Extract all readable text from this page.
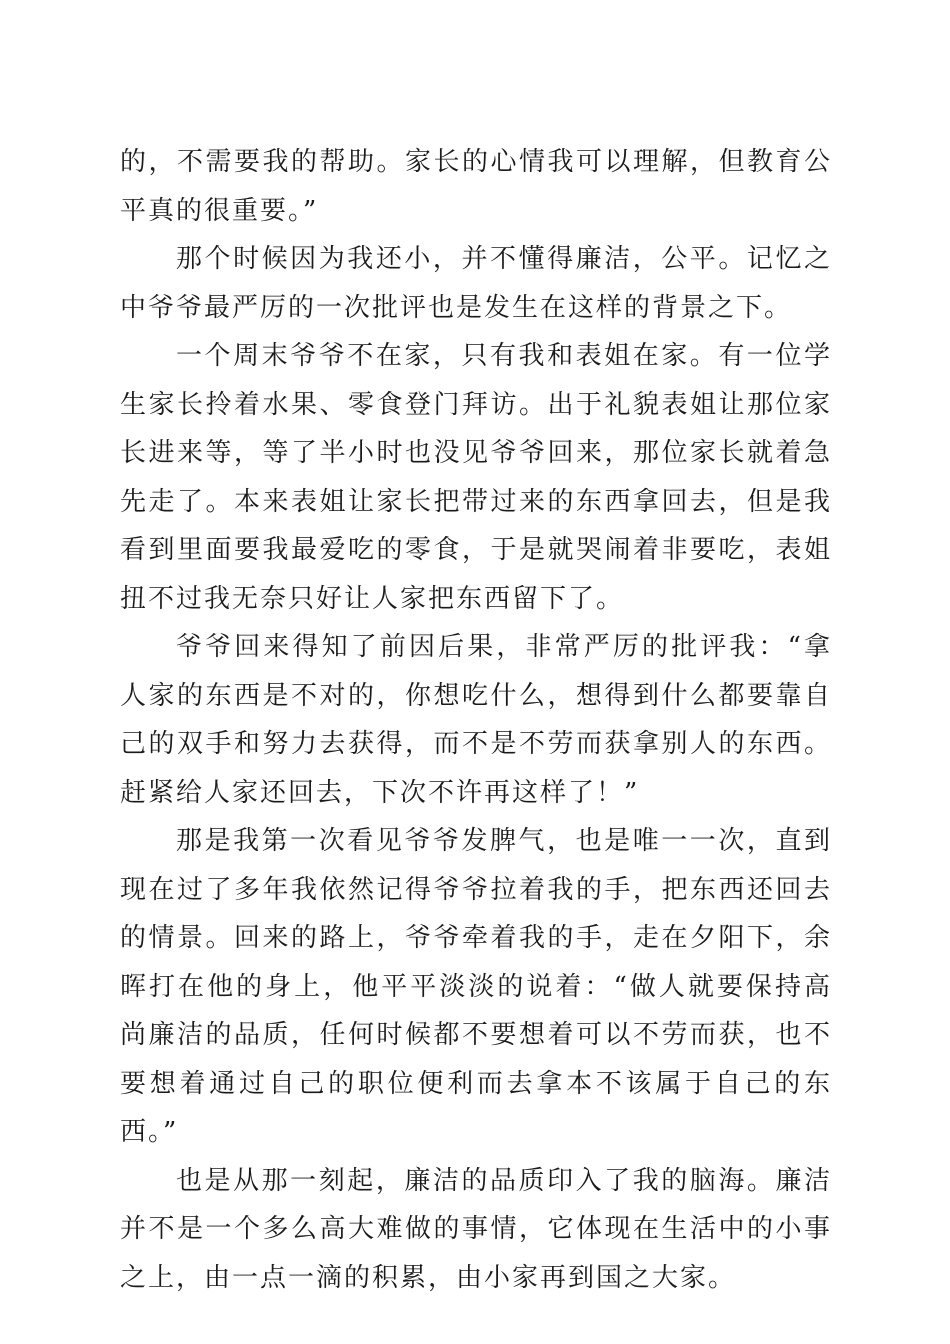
的，不需要我的帮助。家长的心情我可以理解，但教育公平真的很重要。”

那个时候因为我还小，并不懂得廉洁，公平。记忆之中爷爷最严厉的一次批评也是发生在这样的背景之下。

一个周末爷爷不在家，只有我和表姐在家。有一位学生家长拎着水果、零食登门拜访。出于礼貌表姐让那位家长进来等，等了半小时也没见爷爷回来，那位家长就着急先走了。本来表姐让家长把带过来的东西拿回去，但是我看到里面要我最爱吃的零食，于是就哭闹着非要吃，表姐扭不过我无奈只好让人家把东西留下了。

爷爷回来得知了前因后果，非常严厉的批评我：“拿人家的东西是不对的，你想吃什么，想得到什么都要靠自己的双手和努力去获得，而不是不劳而获拿别人的东西。赶紧给人家还回去，下次不许再这样了！”

那是我第一次看见爷爷发脾气，也是唯一一次，直到现在过了多年我依然记得爷爷拉着我的手，把东西还回去的情景。回来的路上，爷爷牵着我的手，走在夕阳下，余晖打在他的身上，他平平淡淡的说着：“做人就要保持高尚廉洁的品质，任何时候都不要想着可以不劳而获，也不要想着通过自己的职位便利而去拿本不该属于自己的东西。”

也是从那一刻起，廉洁的品质印入了我的脑海。廉洁并不是一个多么高大难做的事情，它体现在生活中的小事之上，由一点一滴的积累，由小家再到国之大家。
